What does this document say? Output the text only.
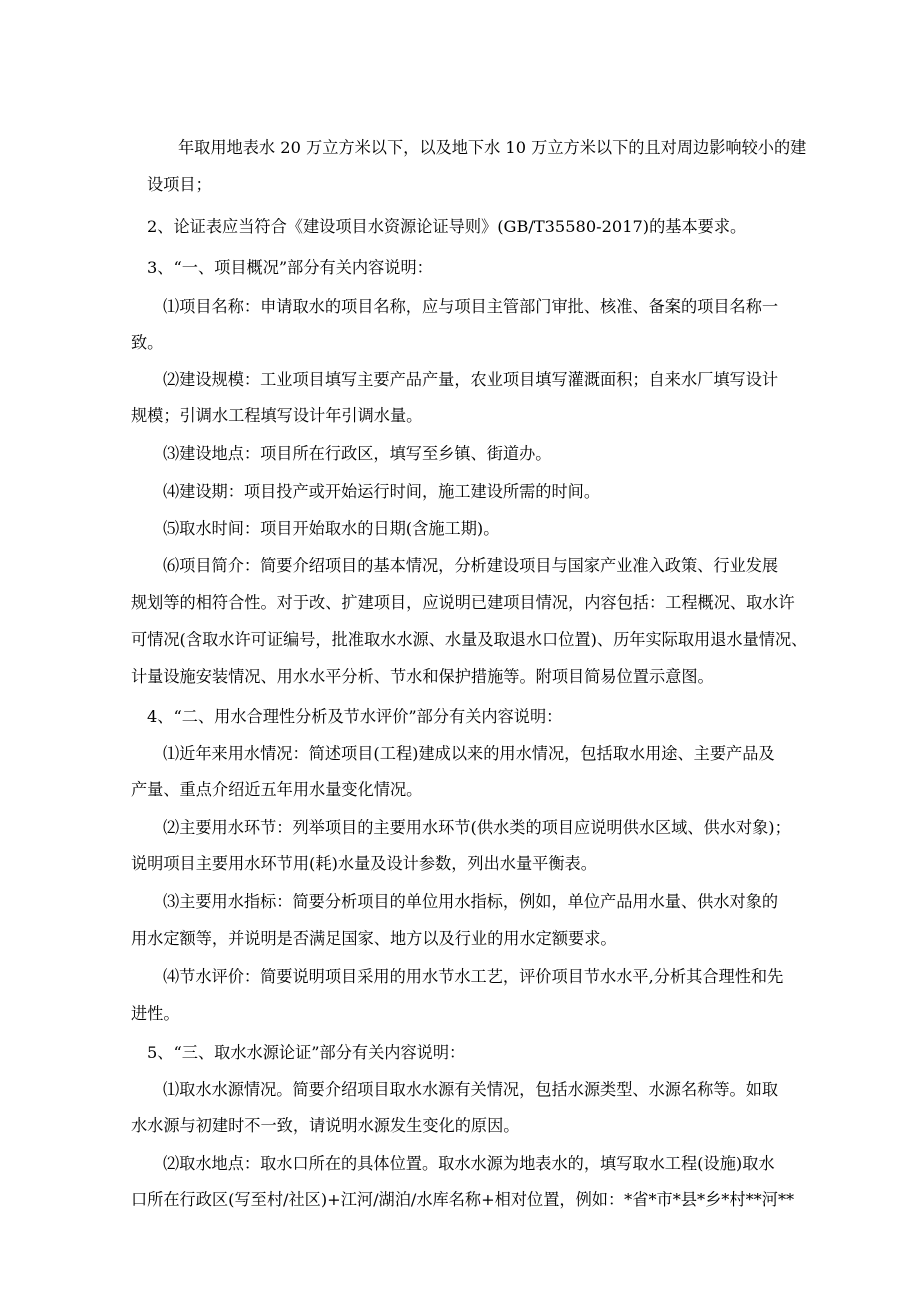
年取用地表水 20 万立方米以下，以及地下水 10 万立方米以下的且对周边影响较小的建
设项目；
2、论证表应当符合《建设项目水资源论证导则》(GB/T35580-2017)的基本要求。
3、“一、项目概况”部分有关内容说明：
⑴项目名称：申请取水的项目名称，应与项目主管部门审批、核准、备案的项目名称一
致。
⑵建设规模：工业项目填写主要产品产量，农业项目填写灌溉面积；自来水厂填写设计
规模；引调水工程填写设计年引调水量。
⑶建设地点：项目所在行政区，填写至乡镇、街道办。
⑷建设期：项目投产或开始运行时间，施工建设所需的时间。
⑸取水时间：项目开始取水的日期(含施工期)。
⑹项目简介：简要介绍项目的基本情况，分析建设项目与国家产业准入政策、行业发展
规划等的相符合性。对于改、扩建项目，应说明已建项目情况，内容包括：工程概况、取水许
可情况(含取水许可证编号，批准取水水源、水量及取退水口位置)、历年实际取用退水量情况、
计量设施安装情况、用水水平分析、节水和保护措施等。附项目简易位置示意图。
4、“二、用水合理性分析及节水评价”部分有关内容说明：
⑴近年来用水情况：简述项目(工程)建成以来的用水情况，包括取水用途、主要产品及
产量、重点介绍近五年用水量变化情况。
⑵主要用水环节：列举项目的主要用水环节(供水类的项目应说明供水区域、供水对象)；
说明项目主要用水环节用(耗)水量及设计参数，列出水量平衡表。
⑶主要用水指标：简要分析项目的单位用水指标，例如，单位产品用水量、供水对象的
用水定额等，并说明是否满足国家、地方以及行业的用水定额要求。
⑷节水评价：简要说明项目采用的用水节水工艺，评价项目节水水平,分析其合理性和先
进性。
5、“三、取水水源论证”部分有关内容说明：
⑴取水水源情况。简要介绍项目取水水源有关情况，包括水源类型、水源名称等。如取
水水源与初建时不一致，请说明水源发生变化的原因。
⑵取水地点：取水口所在的具体位置。取水水源为地表水的，填写取水工程(设施)取水
口所在行政区(写至村/社区)+江河/湖泊/水库名称+相对位置，例如：*省*市*县*乡*村**河**
